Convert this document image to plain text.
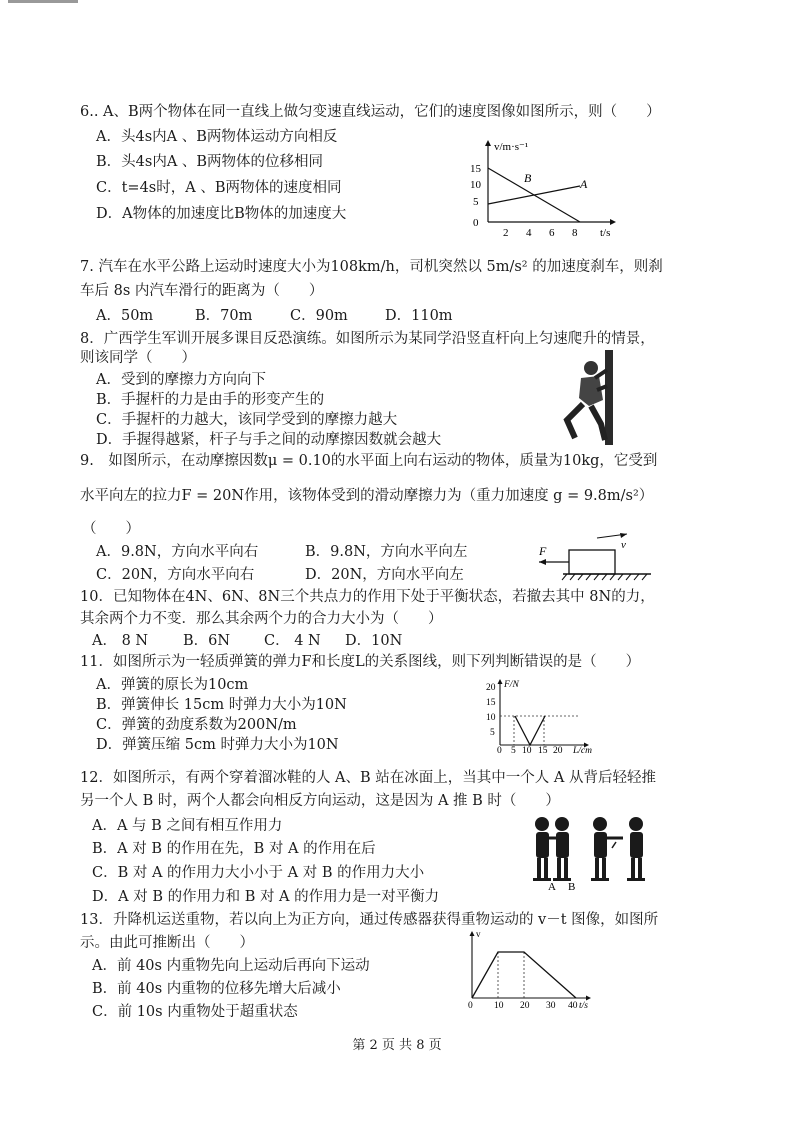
6.. A、B两个物体在同一直线上做匀变速直线运动，它们的速度图像如图所示，则（　　）
A．头4s内A 、B两物体运动方向相反
B．头4s内A 、B两物体的位移相同
C．t=4s时，A 、B两物体的速度相同
D．A物体的加速度比B物体的加速度大
v/m·s⁻¹
t/s
15
10
5
0
2 4 6 8
B	A
7. 汽车在水平公路上运动时速度大小为108km/h，司机突然以 5m/s² 的加速度刹车，则刹
车后 8s 内汽车滑行的距离为（　　）
A．50m	B．70m	C．90m	D．110m
8．广西学生军训开展多课目反恐演练。如图所示为某同学沿竖直杆向上匀速爬升的情景，
则该同学（　　）
A．受到的摩擦力方向向下
B．手握杆的力是由手的形变产生的
C．手握杆的力越大，该同学受到的摩擦力越大
D．手握得越紧，杆子与手之间的动摩擦因数就会越大
9.　如图所示，在动摩擦因数μ = 0.10的水平面上向右运动的物体，质量为10kg，它受到
水平向左的拉力F = 20N作用，该物体受到的滑动摩擦力为（重力加速度 g = 9.8m/s²）
（　　）
A．9.8N，方向水平向右	B．9.8N，方向水平向左
C．20N，方向水平向右	D．20N，方向水平向左
F	v
10．已知物体在4N、6N、8N三个共点力的作用下处于平衡状态，若撤去其中 8N的力，
其余两个力不变．那么其余两个力的合力大小为（　　）
A． 8 N B．6N C． 4 N D．10N
11．如图所示为一轻质弹簧的弹力F和长度L的关系图线，则下列判断错误的是（　　）
A．弹簧的原长为10cm
B．弹簧伸长 15cm 时弹力大小为10N
C．弹簧的劲度系数为200N/m
D．弹簧压缩 5cm 时弹力大小为10N
F/N
L/cm
20
15
10
5
0 5 10 15 20
12．如图所示，有两个穿着溜冰鞋的人 A、B 站在冰面上，当其中一个人 A 从背后轻轻推
另一个人 B 时，两个人都会向相反方向运动，这是因为 A 推 B 时（　　）
A．A 与 B 之间有相互作用力
B．A 对 B 的作用在先，B 对 A 的作用在后
C．B 对 A 的作用力大小小于 A 对 B 的作用力大小
D．A 对 B 的作用力和 B 对 A 的作用力是一对平衡力
A B
13．升降机运送重物，若以向上为正方向，通过传感器获得重物运动的 v－t 图像，如图所
示。由此可推断出（　　）
A．前 40s 内重物先向上运动后再向下运动
B．前 40s 内重物的位移先增大后减小
C．前 10s 内重物处于超重状态
v
t/s
0 10 20 30 40
第 2 页 共 8 页
